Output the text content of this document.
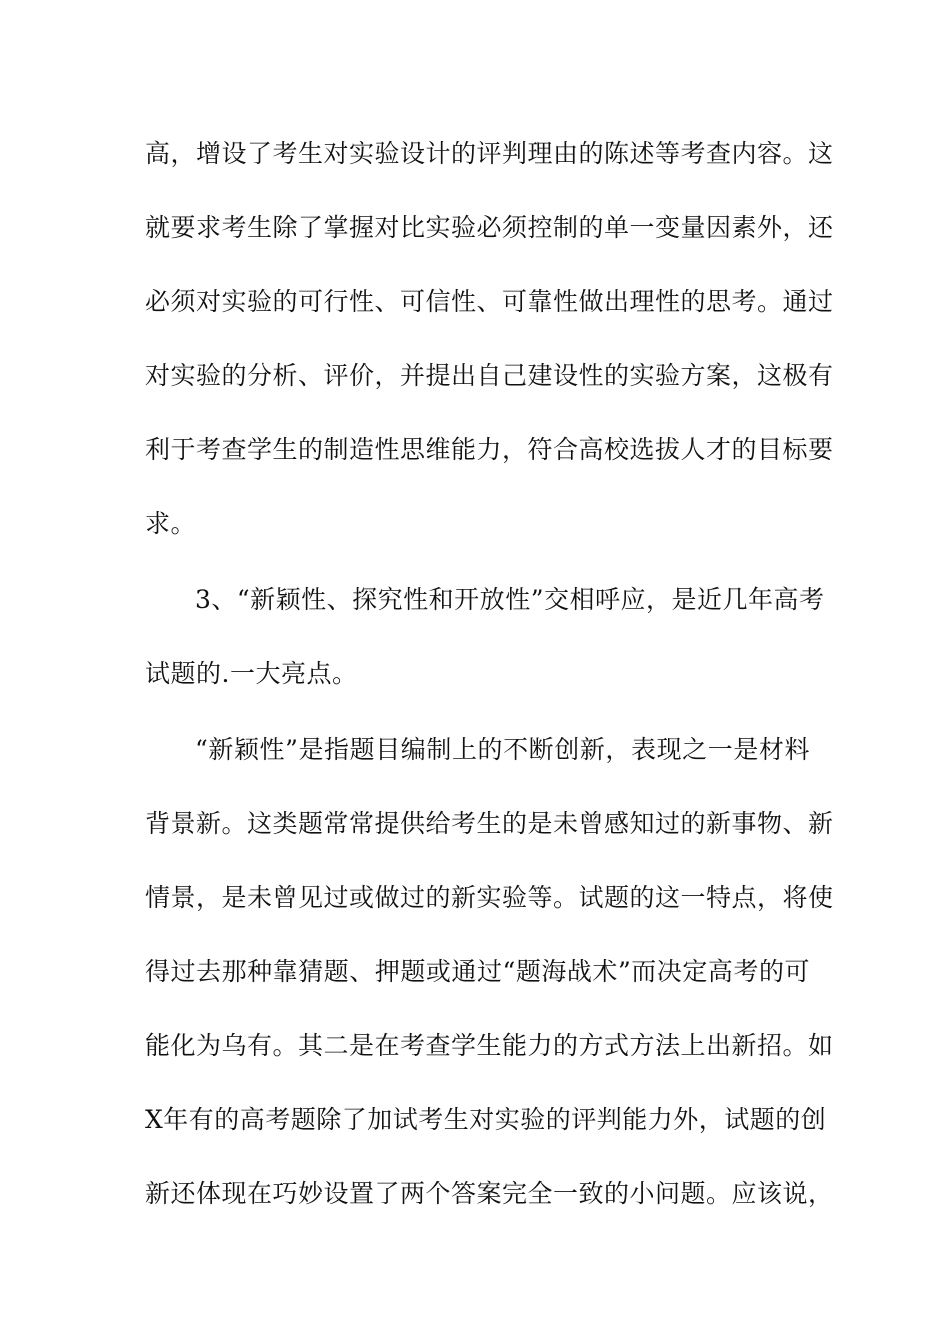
高，增设了考生对实验设计的评判理由的陈述等考查内容。这
就要求考生除了掌握对比实验必须控制的单一变量因素外，还
必须对实验的可行性、可信性、可靠性做出理性的思考。通过
对实验的分析、评价，并提出自己建设性的实验方案，这极有
利于考查学生的制造性思维能力，符合高校选拔人才的目标要
求。
3、“新颖性、探究性和开放性”交相呼应，是近几年高考
试题的.一大亮点。
“新颖性”是指题目编制上的不断创新，表现之一是材料
背景新。这类题常常提供给考生的是未曾感知过的新事物、新
情景，是未曾见过或做过的新实验等。试题的这一特点，将使
得过去那种靠猜题、押题或通过“题海战术”而决定高考的可
能化为乌有。其二是在考查学生能力的方式方法上出新招。如
X年有的高考题除了加试考生对实验的评判能力外，试题的创
新还体现在巧妙设置了两个答案完全一致的小问题。应该说，
